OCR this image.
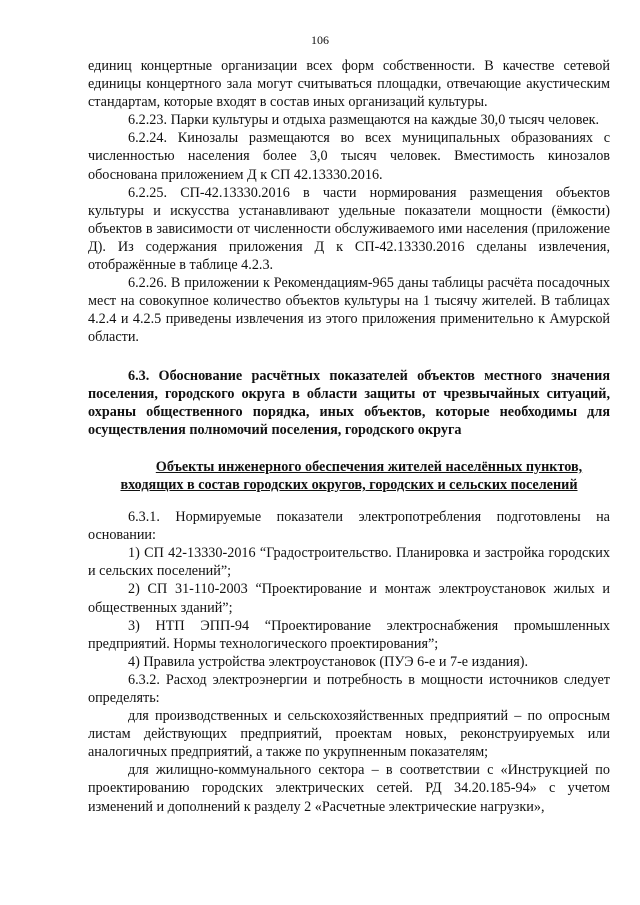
106

единиц концертные организации всех форм собственности. В качестве сетевой единицы концертного зала могут считываться площадки, отвечающие акустическим стандартам, которые входят в состав иных организаций культуры.

6.2.23. Парки культуры и отдыха размещаются на каждые 30,0 тысяч человек.

6.2.24. Кинозалы размещаются во всех муниципальных образованиях с численностью населения более 3,0 тысяч человек. Вместимость кинозалов обоснована приложением Д к СП 42.13330.2016.

6.2.25. СП-42.13330.2016 в части нормирования размещения объектов культуры и искусства устанавливают удельные показатели мощности (ёмкости) объектов в зависимости от численности обслуживаемого ими населения (приложение Д). Из содержания приложения Д к СП-42.13330.2016 сделаны извлечения, отображённые в таблице 4.2.3.

6.2.26. В приложении к Рекомендациям-965 даны таблицы расчёта посадочных мест на совокупное количество объектов культуры на 1 тысячу жителей. В таблицах 4.2.4 и 4.2.5 приведены извлечения из этого приложения применительно к Амурской области.

6.3. Обоснование расчётных показателей объектов местного значения поселения, городского округа в области защиты от чрезвычайных ситуаций, охраны общественного порядка, иных объектов, которые необходимы для осуществления полномочий поселения, городского округа

Объекты инженерного обеспечения жителей населённых пунктов, входящих в состав городских округов, городских и сельских поселений

6.3.1. Нормируемые показатели электропотребления подготовлены на основании:

1) СП 42-13330-2016 “Градостроительство. Планировка и застройка городских и сельских поселений”;

2) СП 31-110-2003 “Проектирование и монтаж электроустановок жилых и общественных зданий”;

3) НТП ЭПП-94 “Проектирование электроснабжения промышленных предприятий. Нормы технологического проектирования”;

4) Правила устройства электроустановок (ПУЭ 6-е и 7-е издания).

6.3.2. Расход электроэнергии и потребность в мощности источников следует определять:

для производственных и сельскохозяйственных предприятий – по опросным листам действующих предприятий, проектам новых, реконструируемых или аналогичных предприятий, а также по укрупненным показателям;

для жилищно-коммунального сектора – в соответствии с «Инструкцией по проектированию городских электрических сетей. РД 34.20.185-94» с учетом изменений и дополнений к разделу 2 «Расчетные электрические нагрузки»,
